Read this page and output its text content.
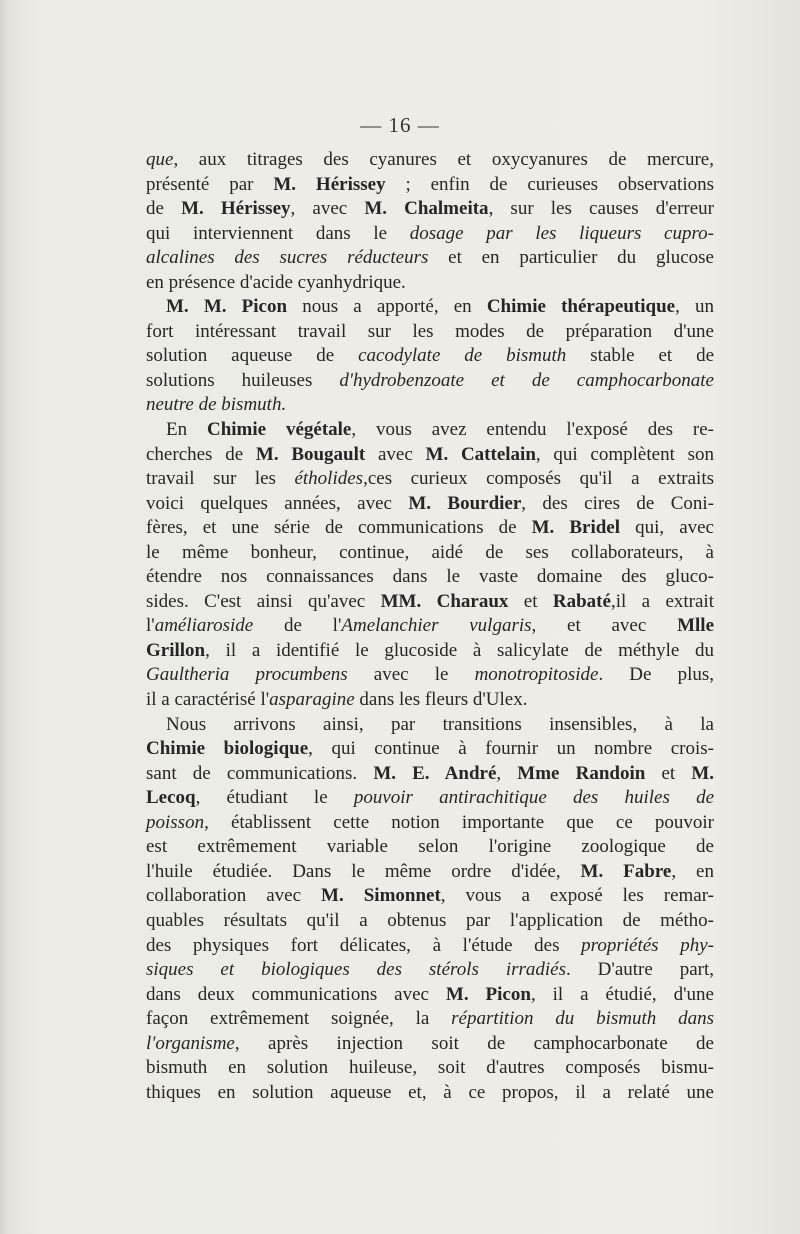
— 16 —
que, aux titrages des cyanures et oxycyanures de mercure,
présenté par M. Hérissey ; enfin de curieuses observations
de M. Hérissey, avec M. Chalmeita, sur les causes d'erreur
qui interviennent dans le dosage par les liqueurs cupro-
alcalines des sucres réducteurs et en particulier du glucose
en présence d'acide cyanhydrique.
M. M. Picon nous a apporté, en Chimie thérapeutique, un
fort intéressant travail sur les modes de préparation d'une
solution aqueuse de cacodylate de bismuth stable et de
solutions huileuses d'hydrobenzoate et de camphocarbonate
neutre de bismuth.
En Chimie végétale, vous avez entendu l'exposé des re-
cherches de M. Bougault avec M. Cattelain, qui complètent son
travail sur les étholides,ces curieux composés qu'il a extraits
voici quelques années, avec M. Bourdier, des cires de Coni-
fères, et une série de communications de M. Bridel qui, avec
le même bonheur, continue, aidé de ses collaborateurs, à
étendre nos connaissances dans le vaste domaine des gluco-
sides. C'est ainsi qu'avec MM. Charaux et Rabaté,il a extrait
l'améliaroside de l'Amelanchier vulgaris, et avec Mlle
Grillon, il a identifié le glucoside à salicylate de méthyle du
Gaultheria procumbens avec le monotropitoside. De plus,
il a caractérisé l'asparagine dans les fleurs d'Ulex.
Nous arrivons ainsi, par transitions insensibles, à la
Chimie biologique, qui continue à fournir un nombre crois-
sant de communications. M. E. André, Mme Randoin et M.
Lecoq, étudiant le pouvoir antirachitique des huiles de
poisson, établissent cette notion importante que ce pouvoir
est extrêmement variable selon l'origine zoologique de
l'huile étudiée. Dans le même ordre d'idée, M. Fabre, en
collaboration avec M. Simonnet, vous a exposé les remar-
quables résultats qu'il a obtenus par l'application de métho-
des physiques fort délicates, à l'étude des propriétés phy-
siques et biologiques des stérols irradiés. D'autre part,
dans deux communications avec M. Picon, il a étudié, d'une
façon extrêmement soignée, la répartition du bismuth dans
l'organisme, après injection soit de camphocarbonate de
bismuth en solution huileuse, soit d'autres composés bismu-
thiques en solution aqueuse et, à ce propos, il a relaté une
